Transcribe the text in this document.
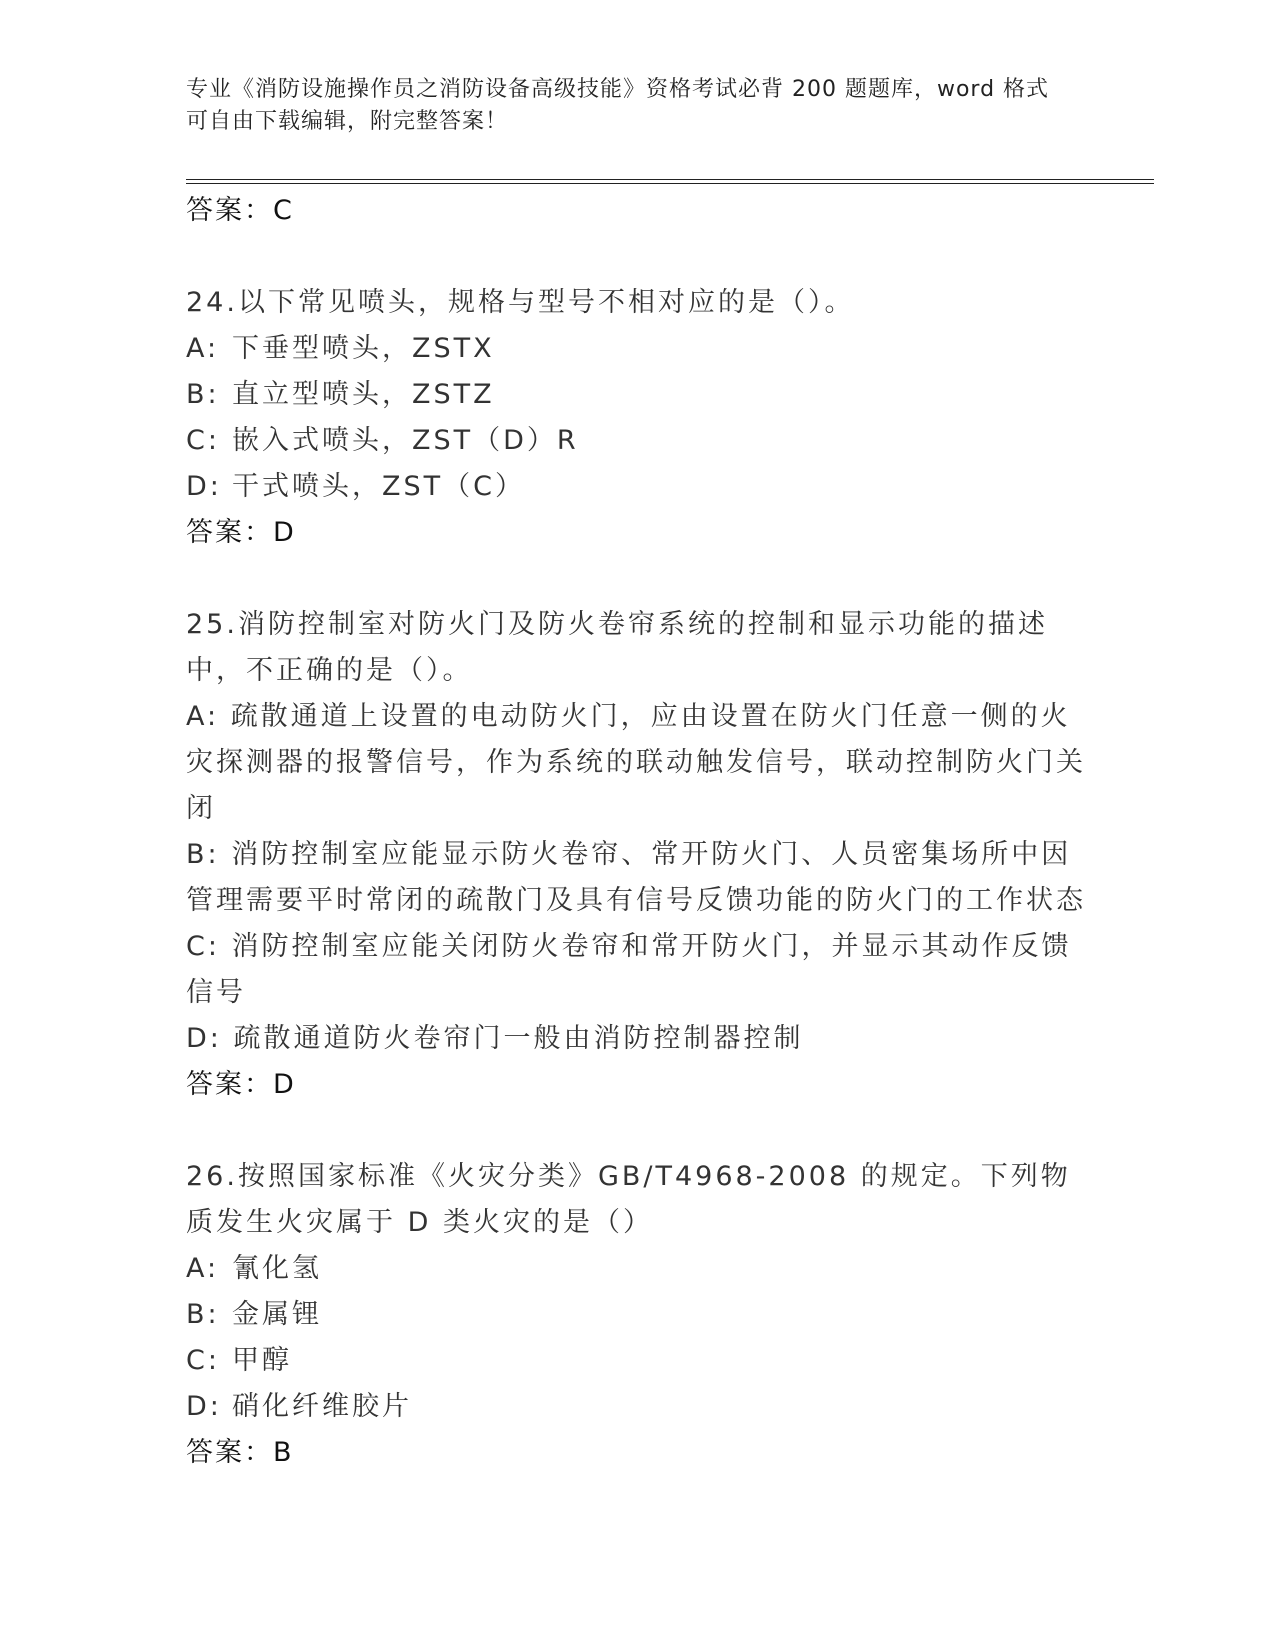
专业《消防设施操作员之消防设备高级技能》资格考试必背 200 题题库，word 格式可自由下载编辑，附完整答案！
答案：C
24.以下常见喷头，规格与型号不相对应的是（）。
A: 下垂型喷头，ZSTX
B: 直立型喷头，ZSTZ
C: 嵌入式喷头，ZST（D）R
D: 干式喷头，ZST（C）
答案：D
25.消防控制室对防火门及防火卷帘系统的控制和显示功能的描述中，不正确的是（）。
A: 疏散通道上设置的电动防火门，应由设置在防火门任意一侧的火灾探测器的报警信号，作为系统的联动触发信号，联动控制防火门关闭
B: 消防控制室应能显示防火卷帘、常开防火门、人员密集场所中因管理需要平时常闭的疏散门及具有信号反馈功能的防火门的工作状态
C: 消防控制室应能关闭防火卷帘和常开防火门，并显示其动作反馈信号
D: 疏散通道防火卷帘门一般由消防控制器控制
答案：D
26.按照国家标准《火灾分类》GB/T4968-2008 的规定。下列物质发生火灾属于 D 类火灾的是（）
A: 氰化氢
B: 金属锂
C: 甲醇
D: 硝化纤维胶片
答案：B
